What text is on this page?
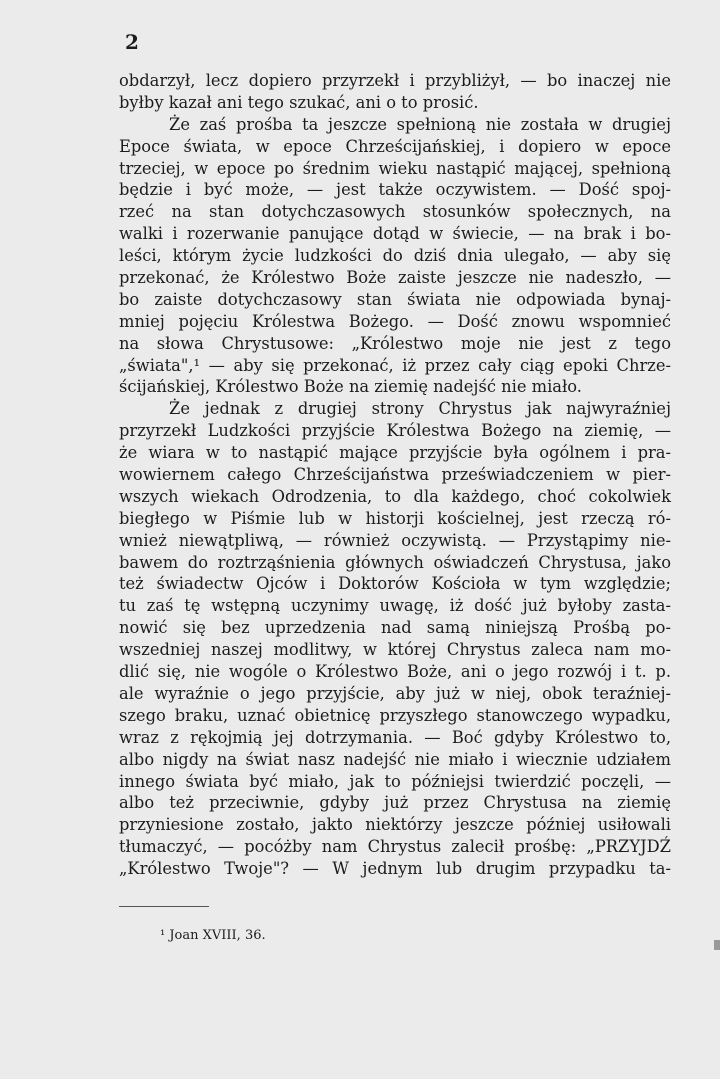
2
obdarzył, lecz dopiero przyrzekł i przybliżył, — bo inaczej nie
byłby kazał ani tego szukać, ani o to prosić.
Że zaś prośba ta jeszcze spełnioną nie została w drugiej
Epoce świata, w epoce Chrześcijańskiej, i dopiero w epoce
trzeciej, w epoce po średnim wieku nastąpić mającej, spełnioną
będzie i być może, — jest także oczywistem. — Dość spoj-
rzeć na stan dotychczasowych stosunków społecznych, na
walki i rozerwanie panujące dotąd w świecie, — na brak i bo-
leści, którym życie ludzkości do dziś dnia ulegało, — aby się
przekonać, że Królestwo Boże zaiste jeszcze nie nadeszło, —
bo zaiste dotychczasowy stan świata nie odpowiada bynaj-
mniej pojęciu Królestwa Bożego. — Dość znowu wspomnieć
na słowa Chrystusowe: „Królestwo moje nie jest z tego
„świata",¹ — aby się przekonać, iż przez cały ciąg epoki Chrze-
ścijańskiej, Królestwo Boże na ziemię nadejść nie miało.
Że jednak z drugiej strony Chrystus jak najwyraźniej
przyrzekł Ludzkości przyjście Królestwa Bożego na ziemię, —
że wiara w to nastąpić mające przyjście była ogólnem i pra-
wowiernem całego Chrześcijaństwa przeświadczeniem w pier-
wszych wiekach Odrodzenia, to dla każdego, choć cokolwiek
biegłego w Piśmie lub w historji kościelnej, jest rzeczą ró-
wnież niewątpliwą, — również oczywistą. — Przystąpimy nie-
bawem do roztrząśnienia głównych oświadczeń Chrystusa, jako
też świadectw Ojców i Doktorów Kościoła w tym względzie;
tu zaś tę wstępną uczynimy uwagę, iż dość już byłoby zasta-
nowić się bez uprzedzenia nad samą niniejszą Prośbą po-
wszedniej naszej modlitwy, w której Chrystus zaleca nam mo-
dlić się, nie wogóle o Królestwo Boże, ani o jego rozwój i t. p.
ale wyraźnie o jego przyjście, aby już w niej, obok teraźniej-
szego braku, uznać obietnicę przyszłego stanowczego wypadku,
wraz z rękojmią jej dotrzymania. — Boć gdyby Królestwo to,
albo nigdy na świat nasz nadejść nie miało i wiecznie udziałem
innego świata być miało, jak to późniejsi twierdzić poczęli, —
albo też przeciwnie, gdyby już przez Chrystusa na ziemię
przyniesione zostało, jakto niektórzy jeszcze później usiłowali
tłumaczyć, — pocóżby nam Chrystus zalecił prośbę: „PRZYJDŹ
„Królestwo Twoje"? — W jednym lub drugim przypadku ta-
¹ Joan XVIII, 36.
